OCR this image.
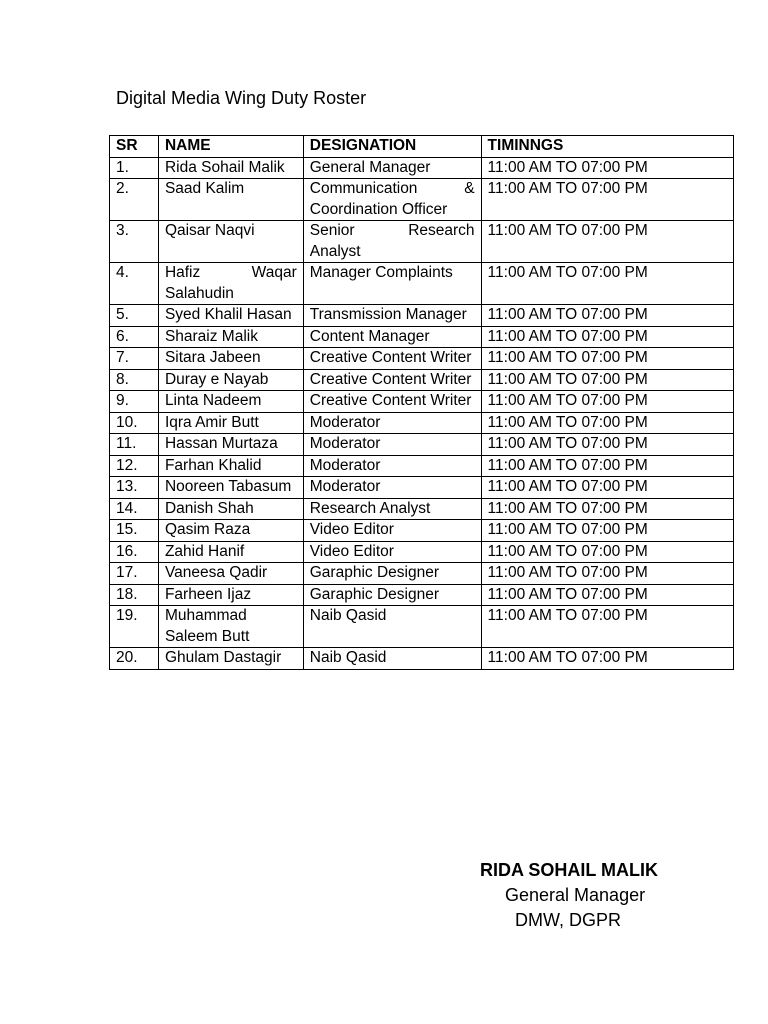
Digital Media Wing Duty Roster
SR	NAME	DESIGNATION	TIMINNGS
1.	Rida Sohail Malik	General Manager	11:00 AM TO 07:00 PM
2.	Saad Kalim	Communication & Coordination Officer	11:00 AM TO 07:00 PM
3.	Qaisar Naqvi	Senior Research Analyst	11:00 AM TO 07:00 PM
4.	Hafiz Waqar Salahudin	Manager Complaints	11:00 AM TO 07:00 PM
5.	Syed Khalil Hasan	Transmission Manager	11:00 AM TO 07:00 PM
6.	Sharaiz Malik	Content Manager	11:00 AM TO 07:00 PM
7.	Sitara Jabeen	Creative Content Writer	11:00 AM TO 07:00 PM
8.	Duray e Nayab	Creative Content Writer	11:00 AM TO 07:00 PM
9.	Linta Nadeem	Creative Content Writer	11:00 AM TO 07:00 PM
10.	Iqra Amir Butt	Moderator	11:00 AM TO 07:00 PM
11.	Hassan Murtaza	Moderator	11:00 AM TO 07:00 PM
12.	Farhan Khalid	Moderator	11:00 AM TO 07:00 PM
13.	Nooreen Tabasum	Moderator	11:00 AM TO 07:00 PM
14.	Danish Shah	Research Analyst	11:00 AM TO 07:00 PM
15.	Qasim Raza	Video Editor	11:00 AM TO 07:00 PM
16.	Zahid Hanif	Video Editor	11:00 AM TO 07:00 PM
17.	Vaneesa Qadir	Garaphic Designer	11:00 AM TO 07:00 PM
18.	Farheen Ijaz	Garaphic Designer	11:00 AM TO 07:00 PM
19.	Muhammad Saleem Butt	Naib Qasid	11:00 AM TO 07:00 PM
20.	Ghulam Dastagir	Naib Qasid	11:00 AM TO 07:00 PM
RIDA SOHAIL MALIK
General Manager
DMW, DGPR
